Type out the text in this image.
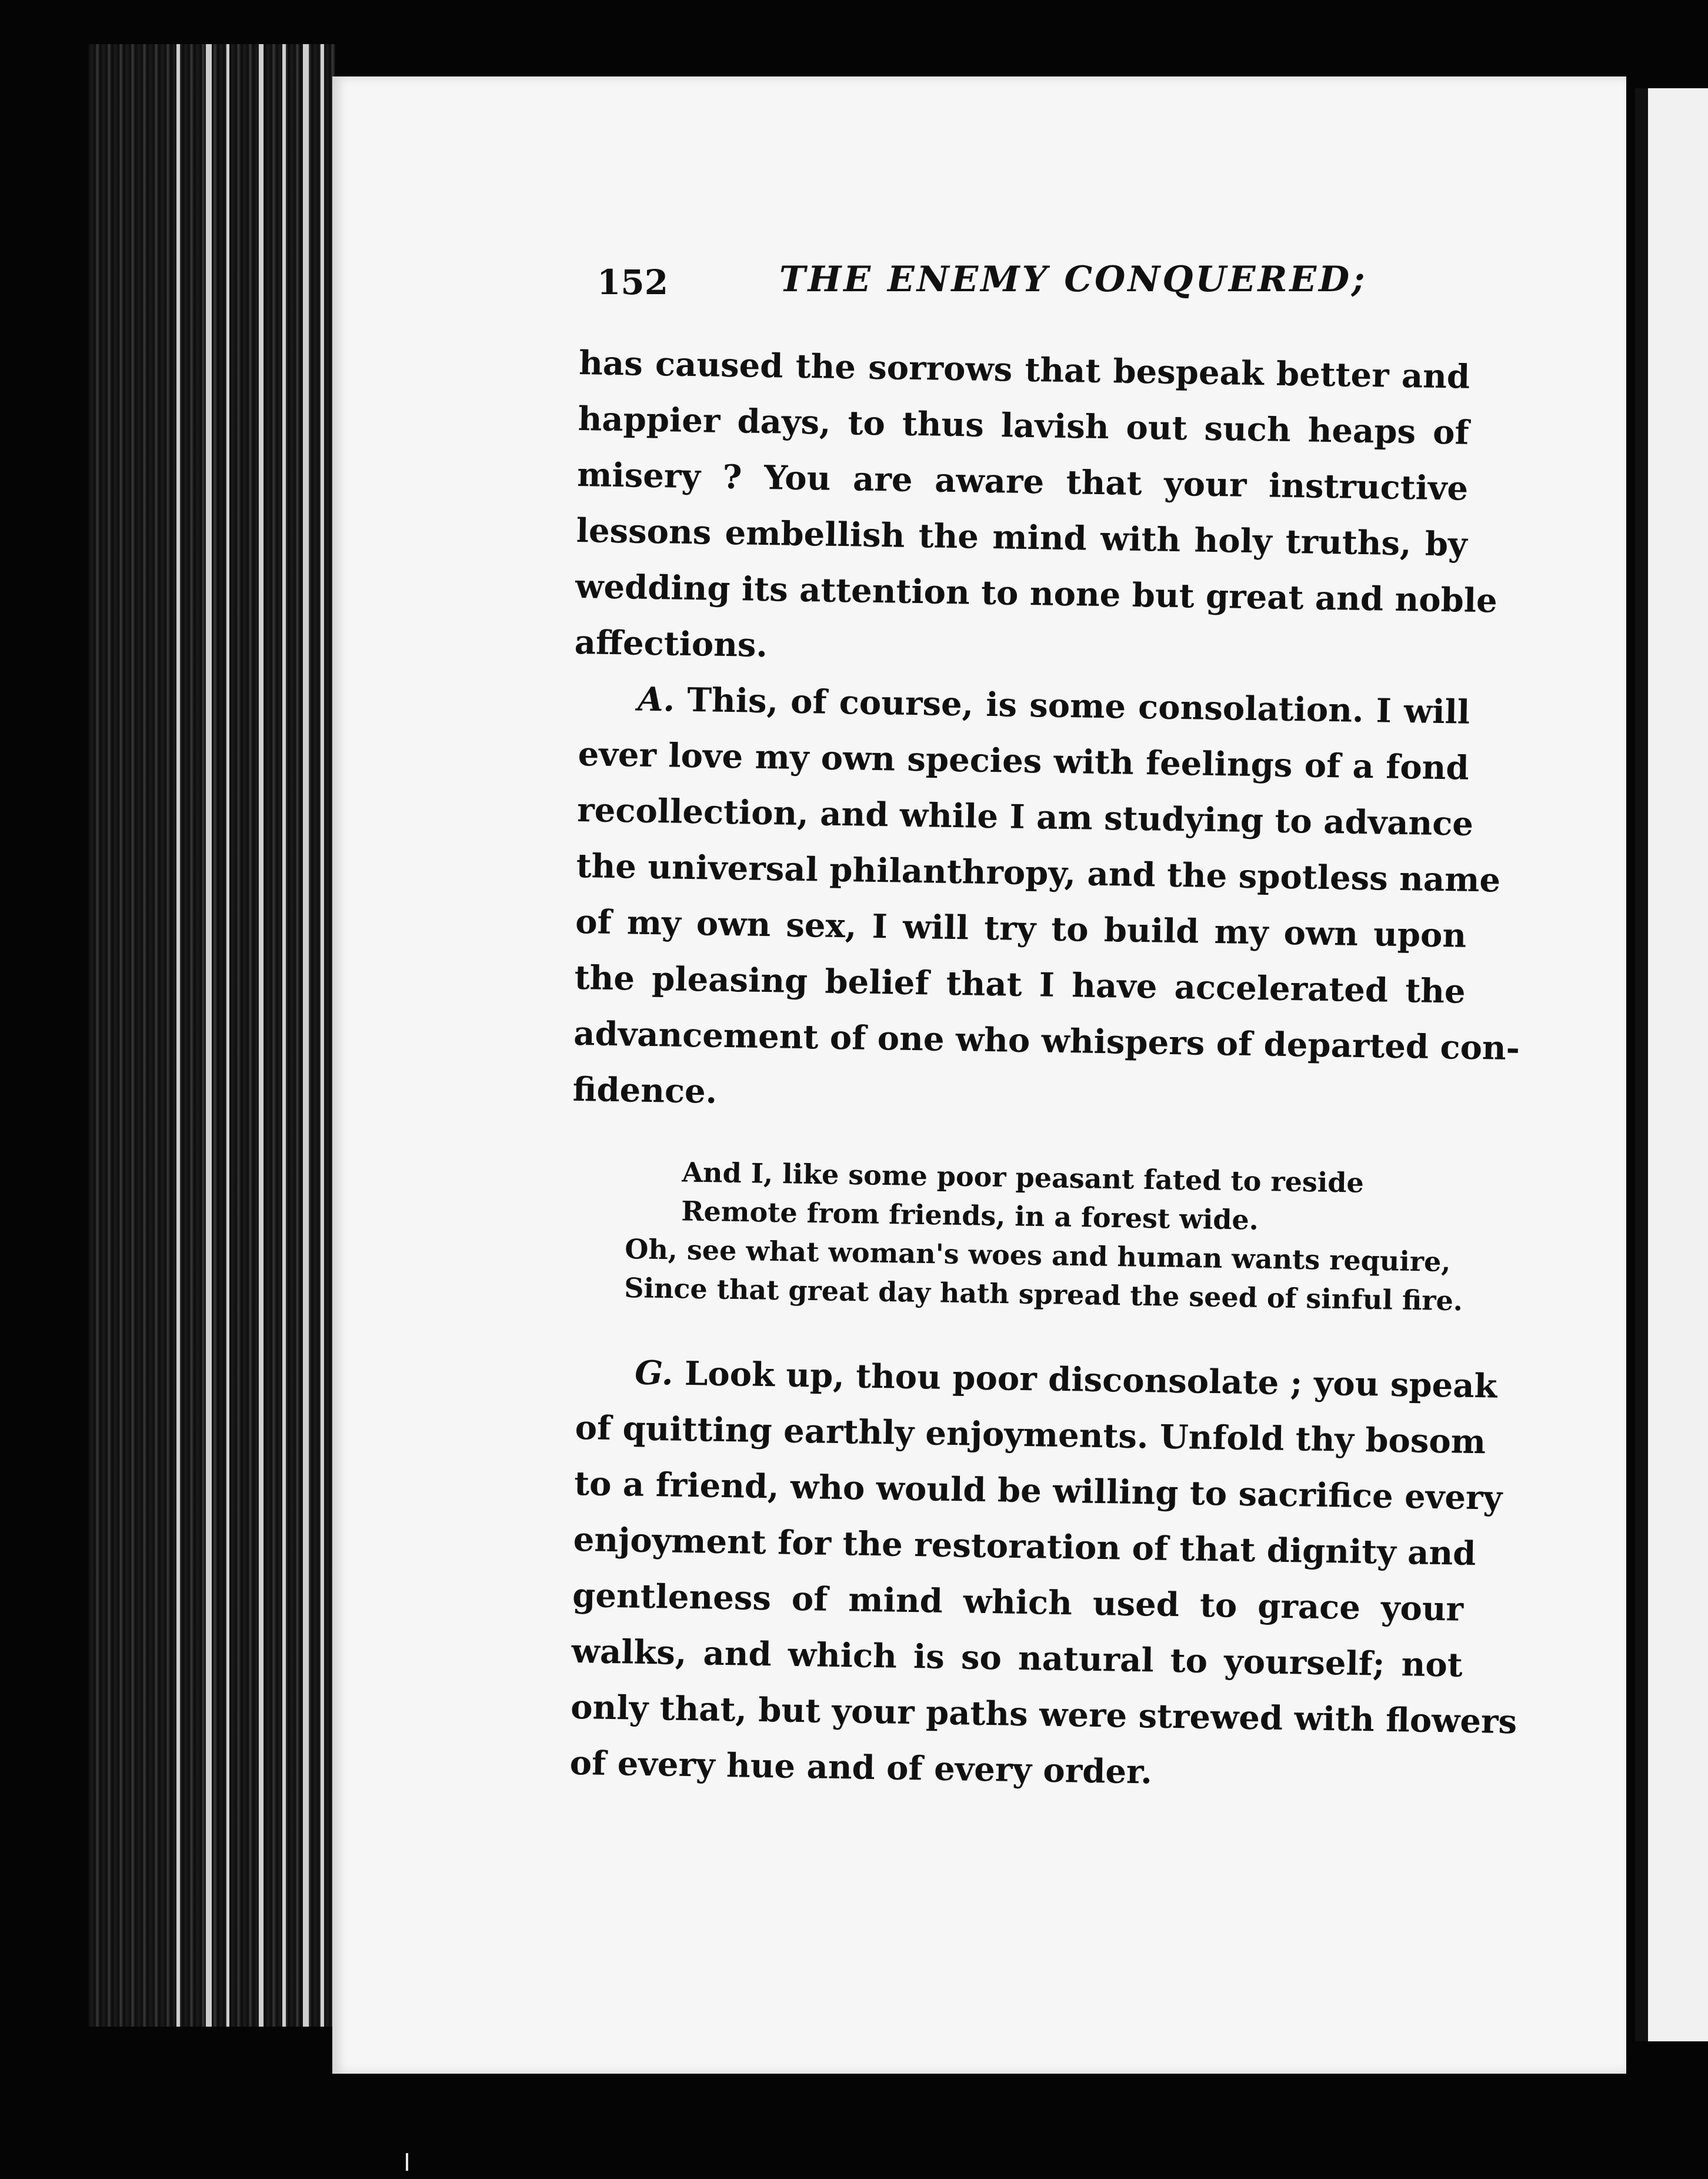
152	THE ENEMY CONQUERED;
has caused the sorrows that bespeak better and
happier days, to thus lavish out such heaps of
misery ? You are aware that your instructive
lessons embellish the mind with holy truths, by
wedding its attention to none but great and noble
affections.
A. This, of course, is some consolation. I will
ever love my own species with feelings of a fond
recollection, and while I am studying to advance
the universal philanthropy, and the spotless name
of my own sex, I will try to build my own upon
the pleasing belief that I have accelerated the
advancement of one who whispers of departed con-
fidence.
And I, like some poor peasant fated to reside
Remote from friends, in a forest wide.
Oh, see what woman's woes and human wants require,
Since that great day hath spread the seed of sinful fire.
G. Look up, thou poor disconsolate ; you speak
of quitting earthly enjoyments. Unfold thy bosom
to a friend, who would be willing to sacrifice every
enjoyment for the restoration of that dignity and
gentleness of mind which used to grace your
walks, and which is so natural to yourself; not
only that, but your paths were strewed with flowers
of every hue and of every order.
